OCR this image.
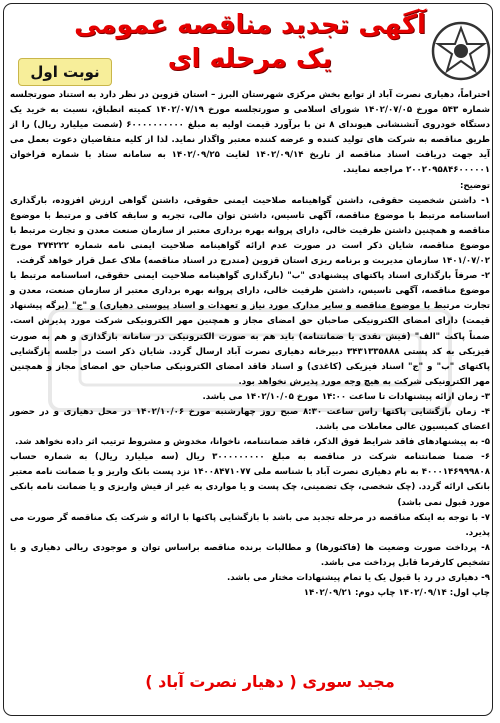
آگهی تجدید مناقصه عمومی
یک مرحله ای
نوبت اول

احتراماً، دهیاری نصرت آباد از توابع بخش مرکزی شهرستان البرز – استان قزوین در نظر دارد به استناد صورتجلسه شماره ۵۴۳ مورخ ۱۴۰۲/۰۷/۰۵ شورای اسلامی و صورتجلسه مورخ ۱۴۰۲/۰۷/۱۹ کمیته انطباق، نسبت به خرید یک دستگاه خودروی آتشنشانی هیوندای ۸ تن با برآورد قیمت اولیه به مبلغ ۶۰۰۰۰۰۰۰۰۰۰ (شصت میلیارد ریال) را از طریق مناقصه به شرکت های تولید کننده و عرضه کننده معتبر واگذار نماید. لذا از کلیه متقاضیان دعوت بعمل می آید جهت دریافت اسناد مناقصه از تاریخ ۱۴۰۲/۰۹/۱۴ لغایت ۱۴۰۲/۰۹/۲۵ به سامانه ستاد با شماره فراخوان ۲۰۰۲۰۹۵۸۴۶۰۰۰۰۰۱ مراجعه نمایند.

توضیح:

۱- داشتن شخصیت حقوقی، داشتن گواهینامه صلاحیت ایمنی حقوقی، داشتن گواهی ارزش افزوده، بارگذاری اساسنامه مرتبط با موضوع مناقصه، آگهی تاسیس، داشتن توان مالی، تجربه و سابقه کافی و مرتبط با موضوع مناقصه و همچنین داشتن ظرفیت خالی، دارای پروانه بهره برداری معتبر از سازمان صنعت معدن و تجارت مرتبط با موضوع مناقصه، شایان ذکر است در صورت عدم ارائه گواهینامه صلاحیت ایمنی نامه شماره ۳۷۴۲۲۲ مورخ ۱۴۰۱/۰۷/۰۲ سازمان مدیریت و برنامه ریزی استان قزوین (مندرج در اسناد مناقصه) ملاک عمل قرار خواهد گرفت.

۲- صرفاً بارگذاری اسناد پاکتهای پیشنهادی "ب" (بارگذاری گواهینامه صلاحیت ایمنی حقوقی، اساسنامه مرتبط با موضوع مناقصه، آگهی تاسیس، داشتن ظرفیت خالی، دارای پروانه بهره برداری معتبر از سازمان صنعت، معدن و تجارت مرتبط با موضوع مناقصه و سایر مدارک مورد نیاز و تعهدات و اسناد پیوستی دهیاری) و "ج" (برگه پیشنهاد قیمت) دارای امضای الکترونیکی صاحبان حق امضای مجاز و همچنین مهر الکترونیکی شرکت مورد پذیرش است. ضمناً پاکت "الف" (فیش نقدی یا ضمانتنامه) باید هم به صورت الکترونیکی در سامانه بارگذاری و هم به صورت فیزیکی به کد پستی ۳۴۳۱۳۳۵۸۸۸ دبیرخانه دهیاری نصرت آباد ارسال گردد. شایان ذکر است در جلسه بازگشایی پاکتهای "ب" و "ج" اسناد فیزیکی (کاغذی) و اسناد فاقد امضای الکترونیکی صاحبان حق امضای مجاز و همچنین مهر الکترونیکی شرکت به هیچ وجه مورد پذیرش نخواهد بود.

۳- زمان ارائه پیشنهادات تا ساعت ۱۴:۰۰ مورخ ۱۴۰۲/۱۰/۰۵ می باشد.

۴- زمان بازگشایی پاکتها راس ساعت ۸:۳۰ صبح روز چهارشنبه مورخ ۱۴۰۲/۱۰/۰۶ در محل دهیاری و در حضور اعضای کمیسیون عالی معاملات می باشد.

۵- به پیشنهادهای فاقد شرایط فوق الذکر، فاقد ضمانتنامه، ناخوانا، مخدوش و مشروط ترتیب اثر داده نخواهد شد.

۶- ضمنا ضمانتنامه شرکت در مناقصه به مبلغ ۳۰۰۰۰۰۰۰۰۰ ریال (سه میلیارد ریال) به شماره حساب ۴۰۰۰۱۴۶۹۹۹۸۰۸ به نام دهیاری نصرت آباد با شناسه ملی ۱۴۰۰۸۴۷۱۰۷۷ نزد پست بانک واریز و یا ضمانت نامه معتبر بانکی ارائه گردد. (چک شخصی، چک تضمینی، چک پست و یا مواردی به غیر از فیش واریزی و یا ضمانت نامه بانکی مورد قبول نمی باشد)

۷- با توجه به اینکه مناقصه در مرحله تجدید می باشد با بازگشایی پاکتها با ارائه و شرکت یک مناقصه گر صورت می پذیرد.

۸- پرداخت صورت وضعیت ها (فاکتورها) و مطالبات برنده مناقصه براساس توان و موجودی ریالی دهیاری و با تشخیص کارفرما قابل پرداخت می باشد.

۹- دهیاری در رد یا قبول یک یا تمام پیشنهادات مختار می باشد.

چاپ اول: ۱۴۰۲/۰۹/۱۴ چاپ دوم: ۱۴۰۲/۰۹/۲۱

مجید سوری ( دهیار نصرت آباد )
